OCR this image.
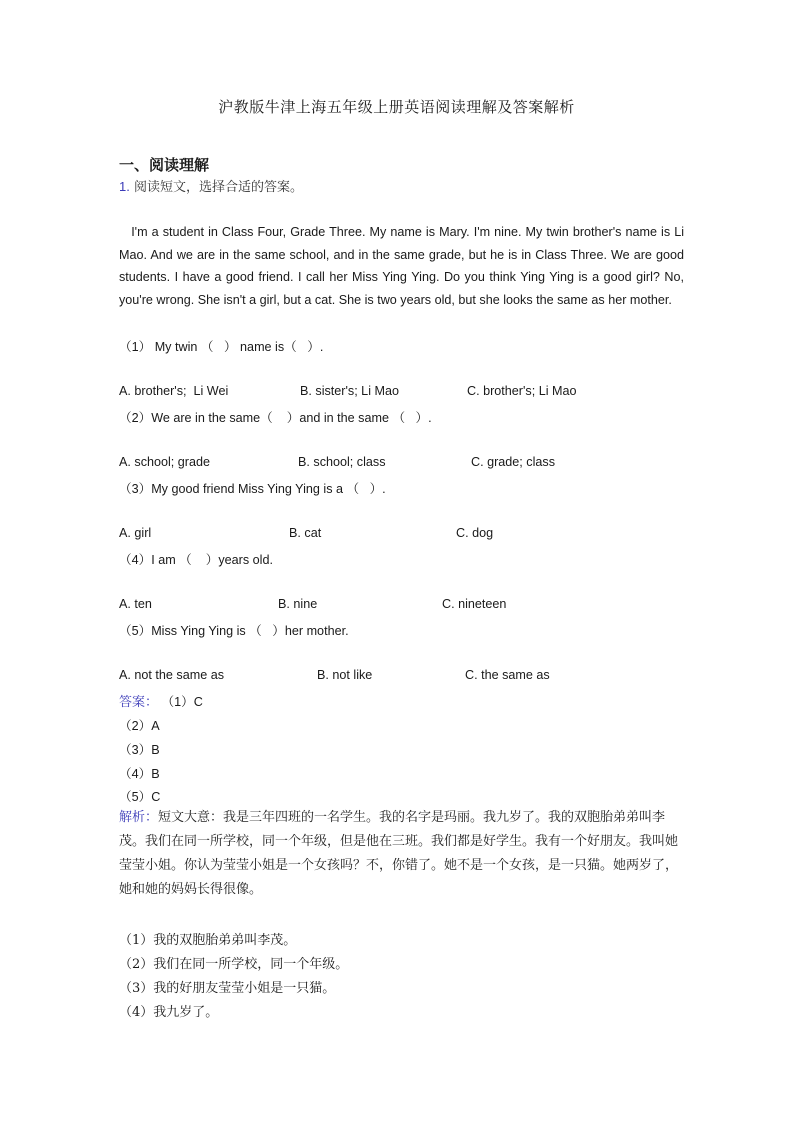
沪教版牛津上海五年级上册英语阅读理解及答案解析
一、阅读理解
1. 阅读短文，选择合适的答案。
I'm a student in Class Four, Grade Three. My name is Mary. I'm nine. My twin brother's name is Li Mao. And we are in the same school, and in the same grade, but he is in Class Three. We are good students. I have a good friend. I call her Miss Ying Ying. Do you think Ying Ying is a good girl? No, you're wrong. She isn't a girl, but a cat. She is two years old, but she looks the same as her mother.
（1） My twin （   ） name is（   ）.
A. brother's;  Li Wei	B. sister's; Li Mao	C. brother's; Li Mao
（2）We are in the same（    ）and in the same （   ）.
A. school; grade	B. school; class	C. grade; class
（3）My good friend Miss Ying Ying is a （   ）.
A. girl	B. cat	C. dog
（4）I am （    ）years old.
A. ten	B. nine	C. nineteen
（5）Miss Ying Ying is （   ）her mother.
A. not the same as	B. not like	C. the same as
答案： （1）C
（2）A
（3）B
（4）B
（5）C
解析：短文大意：我是三年四班的一名学生。我的名字是玛丽。我九岁了。我的双胞胎弟弟叫李茂。我们在同一所学校，同一个年级，但是他在三班。我们都是好学生。我有一个好朋友。我叫她莹莹小姐。你认为莹莹小姐是一个女孩吗？不，你错了。她不是一个女孩，是一只猫。她两岁了，她和她的妈妈长得很像。
（1）我的双胞胎弟弟叫李茂。
（2）我们在同一所学校，同一个年级。
（3）我的好朋友莹莹小姐是一只猫。
（4）我九岁了。
